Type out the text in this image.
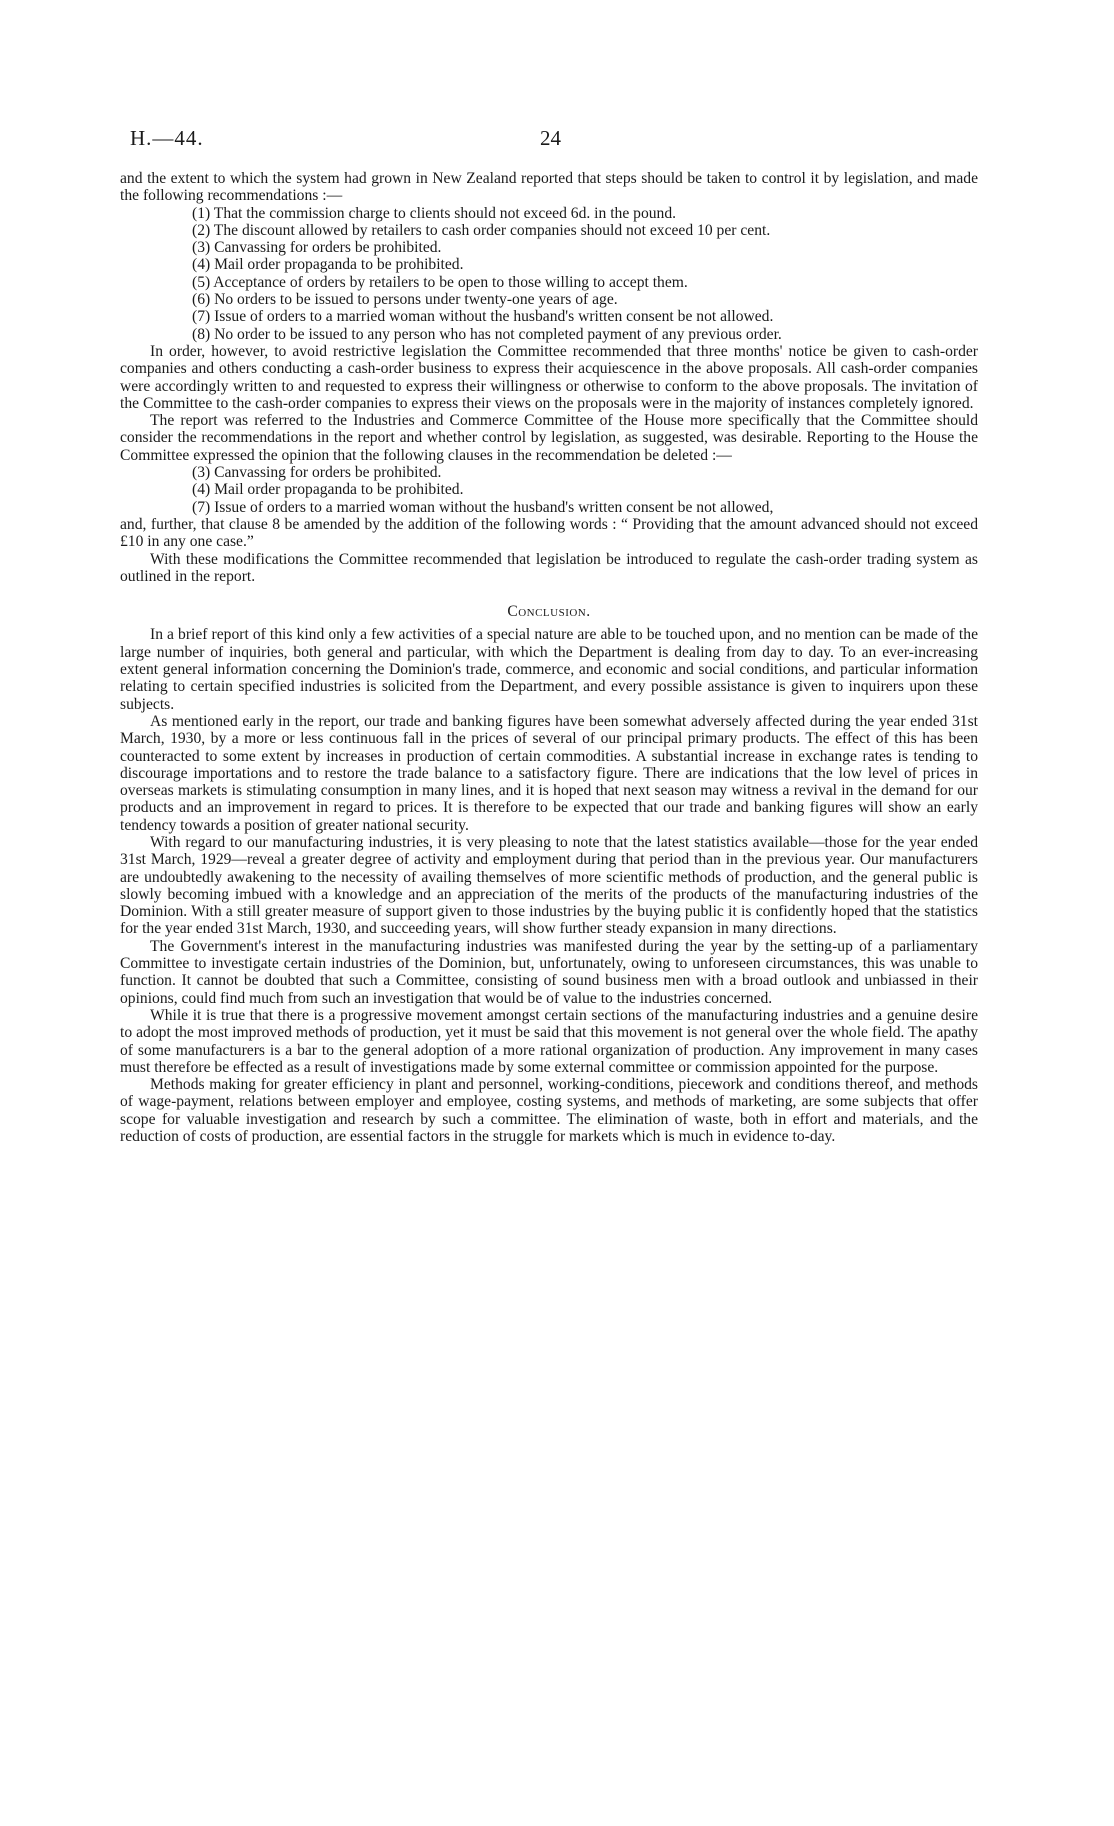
H.—44.	24

and the extent to which the system had grown in New Zealand reported that steps should be taken to control it by legislation, and made the following recommendations :—

(1) That the commission charge to clients should not exceed 6d. in the pound.
(2) The discount allowed by retailers to cash order companies should not exceed 10 per cent.
(3) Canvassing for orders be prohibited.
(4) Mail order propaganda to be prohibited.
(5) Acceptance of orders by retailers to be open to those willing to accept them.
(6) No orders to be issued to persons under twenty-one years of age.
(7) Issue of orders to a married woman without the husband's written consent be not allowed.
(8) No order to be issued to any person who has not completed payment of any previous order.

In order, however, to avoid restrictive legislation the Committee recommended that three months' notice be given to cash-order companies and others conducting a cash-order business to express their acquiescence in the above proposals. All cash-order companies were accordingly written to and requested to express their willingness or otherwise to conform to the above proposals. The invitation of the Committee to the cash-order companies to express their views on the proposals were in the majority of instances completely ignored.

The report was referred to the Industries and Commerce Committee of the House more specifically that the Committee should consider the recommendations in the report and whether control by legislation, as suggested, was desirable. Reporting to the House the Committee expressed the opinion that the following clauses in the recommendation be deleted :—

(3) Canvassing for orders be prohibited.
(4) Mail order propaganda to be prohibited.
(7) Issue of orders to a married woman without the husband's written consent be not allowed,

and, further, that clause 8 be amended by the addition of the following words : “ Providing that the amount advanced should not exceed £10 in any one case.”

With these modifications the Committee recommended that legislation be introduced to regulate the cash-order trading system as outlined in the report.

Conclusion.

In a brief report of this kind only a few activities of a special nature are able to be touched upon, and no mention can be made of the large number of inquiries, both general and particular, with which the Department is dealing from day to day. To an ever-increasing extent general information concerning the Dominion's trade, commerce, and economic and social conditions, and particular information relating to certain specified industries is solicited from the Department, and every possible assistance is given to inquirers upon these subjects.

As mentioned early in the report, our trade and banking figures have been somewhat adversely affected during the year ended 31st March, 1930, by a more or less continuous fall in the prices of several of our principal primary products. The effect of this has been counteracted to some extent by increases in production of certain commodities. A substantial increase in exchange rates is tending to discourage importations and to restore the trade balance to a satisfactory figure. There are indications that the low level of prices in overseas markets is stimulating consumption in many lines, and it is hoped that next season may witness a revival in the demand for our products and an improvement in regard to prices. It is therefore to be expected that our trade and banking figures will show an early tendency towards a position of greater national security.

With regard to our manufacturing industries, it is very pleasing to note that the latest statistics available—those for the year ended 31st March, 1929—reveal a greater degree of activity and employment during that period than in the previous year. Our manufacturers are undoubtedly awakening to the necessity of availing themselves of more scientific methods of production, and the general public is slowly becoming imbued with a knowledge and an appreciation of the merits of the products of the manufacturing industries of the Dominion. With a still greater measure of support given to those industries by the buying public it is confidently hoped that the statistics for the year ended 31st March, 1930, and succeeding years, will show further steady expansion in many directions.

The Government's interest in the manufacturing industries was manifested during the year by the setting-up of a parliamentary Committee to investigate certain industries of the Dominion, but, unfortunately, owing to unforeseen circumstances, this was unable to function. It cannot be doubted that such a Committee, consisting of sound business men with a broad outlook and unbiassed in their opinions, could find much from such an investigation that would be of value to the industries concerned.

While it is true that there is a progressive movement amongst certain sections of the manufacturing industries and a genuine desire to adopt the most improved methods of production, yet it must be said that this movement is not general over the whole field. The apathy of some manufacturers is a bar to the general adoption of a more rational organization of production. Any improvement in many cases must therefore be effected as a result of investigations made by some external committee or commission appointed for the purpose.

Methods making for greater efficiency in plant and personnel, working-conditions, piecework and conditions thereof, and methods of wage-payment, relations between employer and employee, costing systems, and methods of marketing, are some subjects that offer scope for valuable investigation and research by such a committee. The elimination of waste, both in effort and materials, and the reduction of costs of production, are essential factors in the struggle for markets which is much in evidence to-day.
